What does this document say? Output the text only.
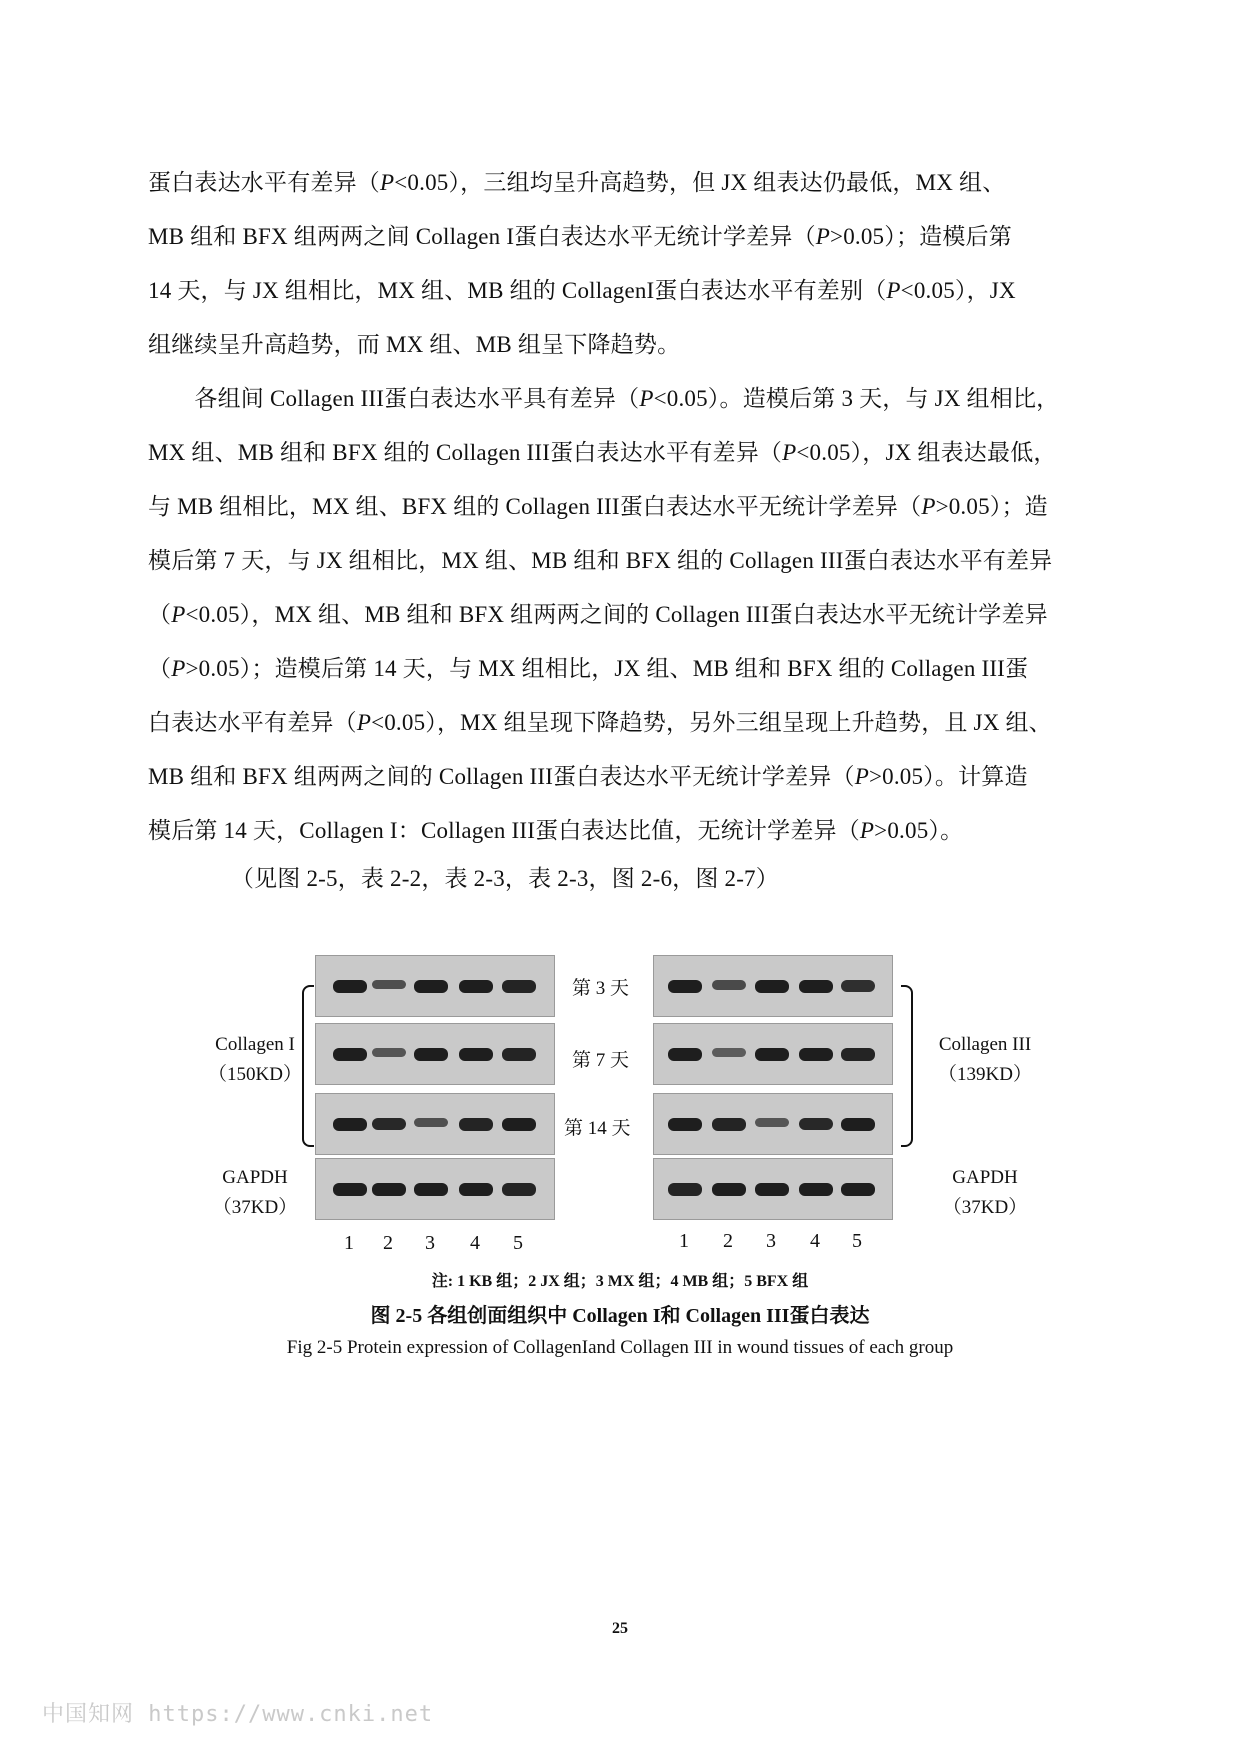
蛋白表达水平有差异（P<0.05），三组均呈升高趋势，但 JX 组表达仍最低，MX 组、
MB 组和 BFX 组两两之间 Collagen I蛋白表达水平无统计学差异（P>0.05）；造模后第
14 天，与 JX 组相比，MX 组、MB 组的 CollagenI蛋白表达水平有差别（P<0.05），JX
组继续呈升高趋势，而 MX 组、MB 组呈下降趋势。
　　各组间 Collagen III蛋白表达水平具有差异（P<0.05）。造模后第 3 天，与 JX 组相比，
MX 组、MB 组和 BFX 组的 Collagen III蛋白表达水平有差异（P<0.05），JX 组表达最低，
与 MB 组相比，MX 组、BFX 组的 Collagen III蛋白表达水平无统计学差异（P>0.05）；造
模后第 7 天，与 JX 组相比，MX 组、MB 组和 BFX 组的 Collagen III蛋白表达水平有差异
（P<0.05），MX 组、MB 组和 BFX 组两两之间的 Collagen III蛋白表达水平无统计学差异
（P>0.05）；造模后第 14 天，与 MX 组相比，JX 组、MB 组和 BFX 组的 Collagen III蛋
白表达水平有差异（P<0.05），MX 组呈现下降趋势，另外三组呈现上升趋势，且 JX 组、
MB 组和 BFX 组两两之间的 Collagen III蛋白表达水平无统计学差异（P>0.05）。计算造
模后第 14 天，Collagen I：Collagen III蛋白表达比值，无统计学差异（P>0.05）。
　　（见图 2-5，表 2-2，表 2-3，表 2-3，图 2-6，图 2-7）
Collagen I
（150KD）
GAPDH
（37KD）
Collagen III
（139KD）
GAPDH
（37KD）
第 3 天
第 7 天
第 14 天
1	2	3	4	5	1	2	3	4	5
注: 1 KB 组；2 JX 组；3 MX 组；4 MB 组；5 BFX 组
图 2-5 各组创面组织中 Collagen I和 Collagen III蛋白表达
Fig 2-5 Protein expression of CollagenIand Collagen III in wound tissues of each group
25
中国知网 https://www.cnki.net
